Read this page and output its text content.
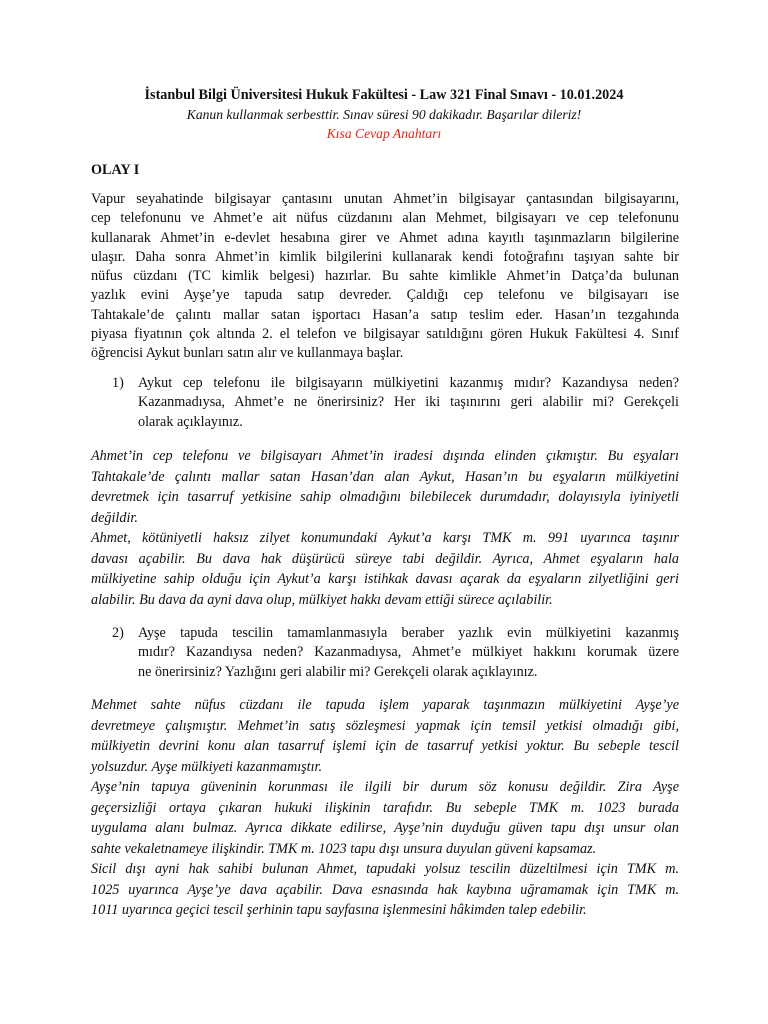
İstanbul Bilgi Üniversitesi Hukuk Fakültesi - Law 321 Final Sınavı - 10.01.2024
Kanun kullanmak serbesttir. Sınav süresi 90 dakikadır. Başarılar dileriz!
Kısa Cevap Anahtarı
OLAY I
Vapur seyahatinde bilgisayar çantasını unutan Ahmet’in bilgisayar çantasından bilgisayarını,
cep telefonunu ve Ahmet’e ait nüfus cüzdanını alan Mehmet, bilgisayarı ve cep telefonunu
kullanarak Ahmet’in e-devlet hesabına girer ve Ahmet adına kayıtlı taşınmazların bilgilerine
ulaşır. Daha sonra Ahmet’in kimlik bilgilerini kullanarak kendi fotoğrafını taşıyan sahte bir
nüfus cüzdanı (TC kimlik belgesi) hazırlar. Bu sahte kimlikle Ahmet’in Datça’da bulunan
yazlık evini Ayşe’ye tapuda satıp devreder. Çaldığı cep telefonu ve bilgisayarı ise
Tahtakale’de çalıntı mallar satan işportacı Hasan’a satıp teslim eder. Hasan’ın tezgahında
piyasa fiyatının çok altında 2. el telefon ve bilgisayar satıldığını gören Hukuk Fakültesi 4. Sınıf
öğrencisi Aykut bunları satın alır ve kullanmaya başlar.
1) Aykut cep telefonu ile bilgisayarın mülkiyetini kazanmış mıdır? Kazandıysa neden?
Kazanmadıysa, Ahmet’e ne önerirsiniz? Her iki taşınırını geri alabilir mi? Gerekçeli
olarak açıklayınız.
Ahmet’in cep telefonu ve bilgisayarı Ahmet’in iradesi dışında elinden çıkmıştır. Bu eşyaları
Tahtakale’de çalıntı mallar satan Hasan’dan alan Aykut, Hasan’ın bu eşyaların mülkiyetini
devretmek için tasarruf yetkisine sahip olmadığını bilebilecek durumdadır, dolayısıyla iyiniyetli
değildir.
Ahmet, kötüniyetli haksız zilyet konumundaki Aykut’a karşı TMK m. 991 uyarınca taşınır
davası açabilir. Bu dava hak düşürücü süreye tabi değildir. Ayrıca, Ahmet eşyaların hala
mülkiyetine sahip olduğu için Aykut’a karşı istihkak davası açarak da eşyaların zilyetliğini geri
alabilir. Bu dava da ayni dava olup, mülkiyet hakkı devam ettiği sürece açılabilir.
2) Ayşe tapuda tescilin tamamlanmasıyla beraber yazlık evin mülkiyetini kazanmış
mıdır? Kazandıysa neden? Kazanmadıysa, Ahmet’e mülkiyet hakkını korumak üzere
ne önerirsiniz? Yazlığını geri alabilir mi? Gerekçeli olarak açıklayınız.
Mehmet sahte nüfus cüzdanı ile tapuda işlem yaparak taşınmazın mülkiyetini Ayşe’ye
devretmeye çalışmıştır. Mehmet’in satış sözleşmesi yapmak için temsil yetkisi olmadığı gibi,
mülkiyetin devrini konu alan tasarruf işlemi için de tasarruf yetkisi yoktur. Bu sebeple tescil
yolsuzdur. Ayşe mülkiyeti kazanmamıştır.
Ayşe’nin tapuya güveninin korunması ile ilgili bir durum söz konusu değildir. Zira Ayşe
geçersizliği ortaya çıkaran hukuki ilişkinin tarafıdır. Bu sebeple TMK m. 1023 burada
uygulama alanı bulmaz. Ayrıca dikkate edilirse, Ayşe’nin duyduğu güven tapu dışı unsur olan
sahte vekaletnameye ilişkindir. TMK m. 1023 tapu dışı unsura duyulan güveni kapsamaz.
Sicil dışı ayni hak sahibi bulunan Ahmet, tapudaki yolsuz tescilin düzeltilmesi için TMK m.
1025 uyarınca Ayşe’ye dava açabilir. Dava esnasında hak kaybına uğramamak için TMK m.
1011 uyarınca geçici tescil şerhinin tapu sayfasına işlenmesini hâkimden talep edebilir.
